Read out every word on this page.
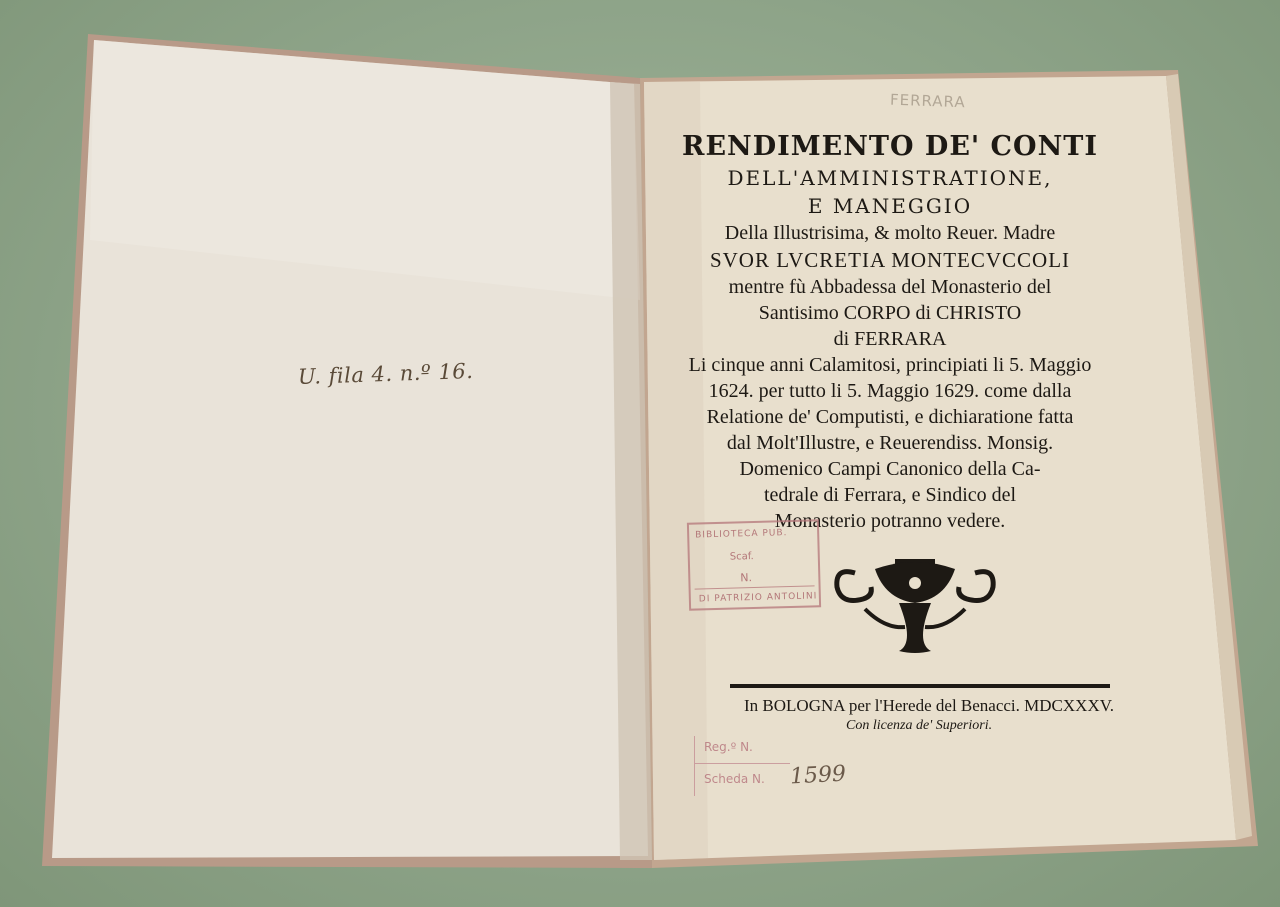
U. fila 4. n.º 16.
FERRARA
RENDIMENTO DE' CONTI
DELL'AMMINISTRATIONE,
E MANEGGIO
Della Illustrisima, & molto Reuer. Madre
SVOR LVCRETIA MONTECVCCOLI
mentre fù Abbadessa del Monasterio del
Santisimo CORPO di CHRISTO
di FERRARA
Li cinque anni Calamitosi, principiati li 5. Maggio
1624. per tutto li 5. Maggio 1629. come dalla
Relatione de' Computisti, e dichiaratione fatta
dal Molt'Illustre, e Reuerendiss. Monsig.
Domenico Campi Canonico della Ca-
tedrale di Ferrara, e Sindico del
Monasterio potranno vedere.
BIBLIOTECA PUB.
Scaf.
N.
DI PATRIZIO ANTOLINI
In BOLOGNA per l'Herede del Benacci. MDCXXXV.
Con licenza de' Superiori.
Reg.º N.
Scheda N. 1599
